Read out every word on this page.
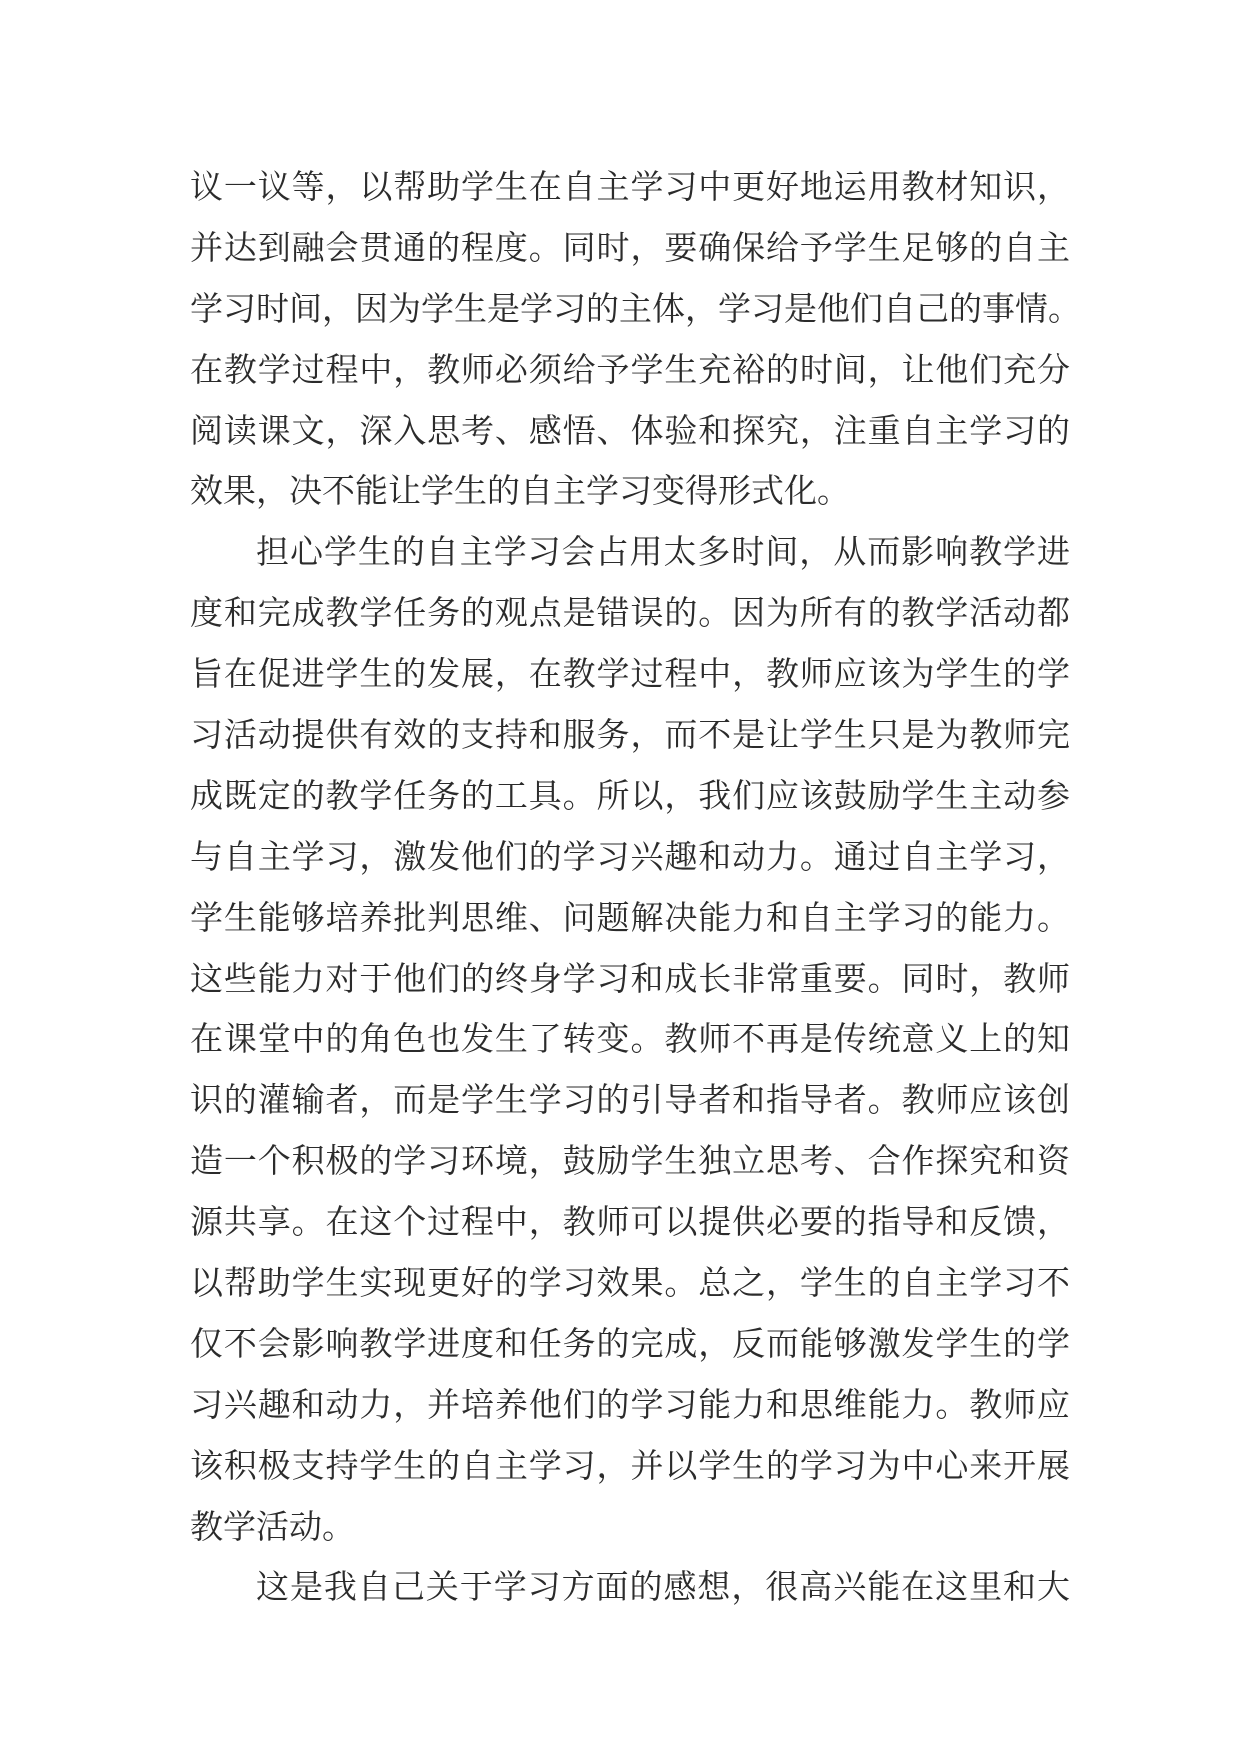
议一议等，以帮助学生在自主学习中更好地运用教材知识，
并达到融会贯通的程度。同时，要确保给予学生足够的自主
学习时间，因为学生是学习的主体，学习是他们自己的事情。
在教学过程中，教师必须给予学生充裕的时间，让他们充分
阅读课文，深入思考、感悟、体验和探究，注重自主学习的
效果，决不能让学生的自主学习变得形式化。
担心学生的自主学习会占用太多时间，从而影响教学进
度和完成教学任务的观点是错误的。因为所有的教学活动都
旨在促进学生的发展，在教学过程中，教师应该为学生的学
习活动提供有效的支持和服务，而不是让学生只是为教师完
成既定的教学任务的工具。所以，我们应该鼓励学生主动参
与自主学习，激发他们的学习兴趣和动力。通过自主学习，
学生能够培养批判思维、问题解决能力和自主学习的能力。
这些能力对于他们的终身学习和成长非常重要。同时，教师
在课堂中的角色也发生了转变。教师不再是传统意义上的知
识的灌输者，而是学生学习的引导者和指导者。教师应该创
造一个积极的学习环境，鼓励学生独立思考、合作探究和资
源共享。在这个过程中，教师可以提供必要的指导和反馈，
以帮助学生实现更好的学习效果。总之，学生的自主学习不
仅不会影响教学进度和任务的完成，反而能够激发学生的学
习兴趣和动力，并培养他们的学习能力和思维能力。教师应
该积极支持学生的自主学习，并以学生的学习为中心来开展
教学活动。
这是我自己关于学习方面的感想，很高兴能在这里和大
